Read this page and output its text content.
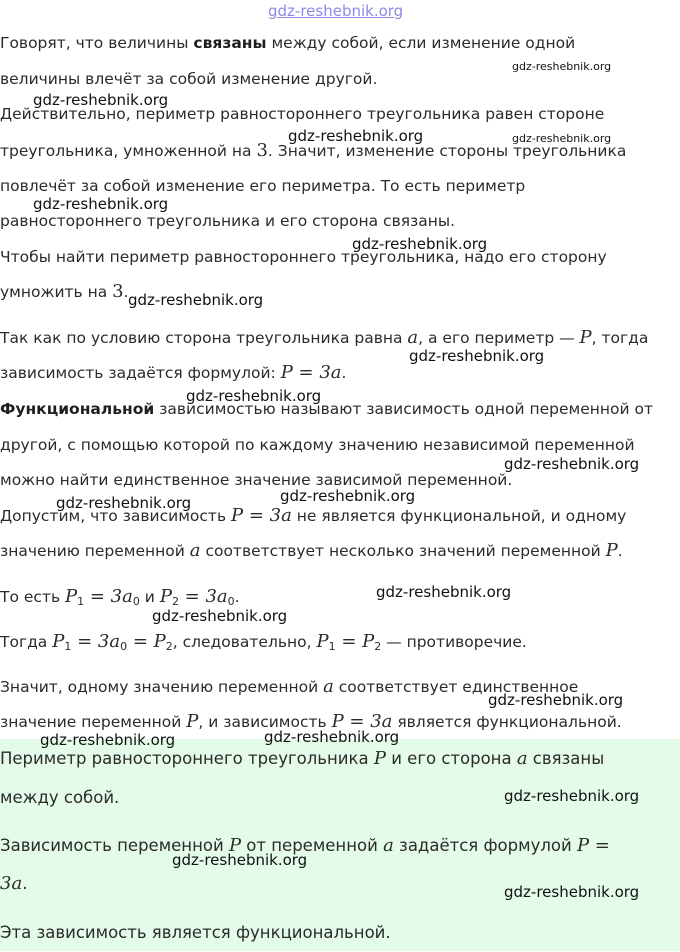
gdz-reshebnik.org

Говорят, что величины связаны между собой, если изменение одной

величины влечёт за собой изменение другой.

Действительно, периметр равностороннего треугольника равен стороне

треугольника, умноженной на 3. Значит, изменение стороны треугольника

повлечёт за собой изменение его периметра. То есть периметр

равностороннего треугольника и его сторона связаны.

Чтобы найти периметр равностороннего треугольника, надо его сторону

умножить на 3.

Так как по условию сторона треугольника равна a, а его периметр — P, тогда

зависимость задаётся формулой: P = 3a.

Функциональной зависимостью называют зависимость одной переменной от

другой, с помощью которой по каждому значению независимой переменной

можно найти единственное значение зависимой переменной.

Допустим, что зависимость P = 3a не является функциональной, и одному

значению переменной a соответствует несколько значений переменной P.

То есть $P_1 = 3a_0$ и $P_2 = 3a_0$.

Тогда $P_1 = 3a_0 = P_2$, следовательно, $P_1 = P_2$ — противоречие.

Значит, одному значению переменной a соответствует единственное

значение переменной P, и зависимость P = 3a является функциональной.

Периметр равностороннего треугольника P и его сторона a связаны

между собой.

Зависимость переменной P от переменной a задаётся формулой P =

3a.

Эта зависимость является функциональной.

gdz-reshebnik.org
gdz-reshebnik.org
gdz-reshebnik.org	gdz-reshebnik.org
gdz-reshebnik.org
gdz-reshebnik.org
gdz-reshebnik.org
gdz-reshebnik.org
gdz-reshebnik.org
gdz-reshebnik.org
gdz-reshebnik.org
gdz-reshebnik.org
gdz-reshebnik.org
gdz-reshebnik.org
gdz-reshebnik.org
gdz-reshebnik.org
gdz-reshebnik.org
gdz-reshebnik.org
gdz-reshebnik.org
gdz-reshebnik.org
